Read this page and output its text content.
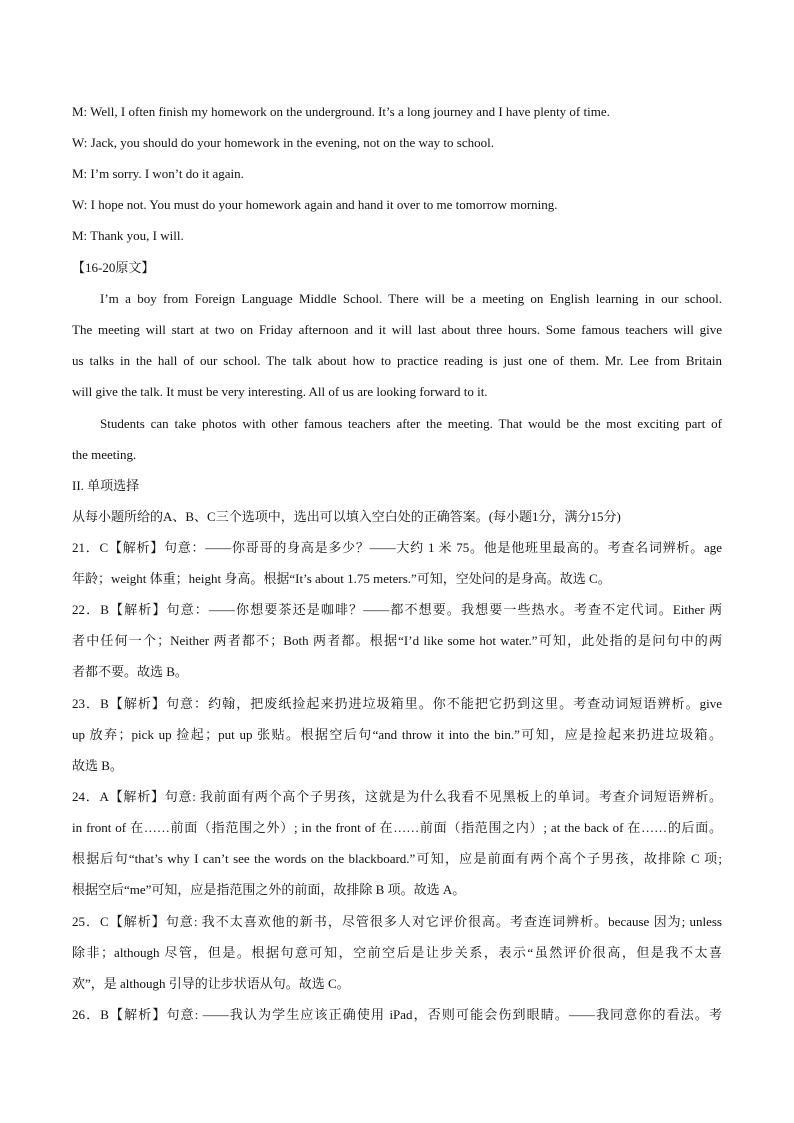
M: Well, I often finish my homework on the underground. It’s a long journey and I have plenty of time.
W: Jack, you should do your homework in the evening, not on the way to school.
M: I’m sorry. I won’t do it again.
W: I hope not. You must do your homework again and hand it over to me tomorrow morning.
M: Thank you, I will.
【16-20原文】
I’m a boy from Foreign Language Middle School. There will be a meeting on English learning in our school.
The meeting will start at two on Friday afternoon and it will last about three hours. Some famous teachers will give
us talks in the hall of our school. The talk about how to practice reading is just one of them. Mr. Lee from Britain
will give the talk. It must be very interesting. All of us are looking forward to it.
Students can take photos with other famous teachers after the meeting. That would be the most exciting part of
the meeting.
II. 单项选择
从每小题所给的A、B、C三个选项中，选出可以填入空白处的正确答案。(每小题1分，满分15分)
21．C【解析】句意：——你哥哥的身高是多少？——大约 1 米 75。他是他班里最高的。考查名词辨析。age
年龄；weight 体重；height 身高。根据“It’s about 1.75 meters.”可知，空处问的是身高。故选 C。
22．B【解析】句意：——你想要茶还是咖啡？——都不想要。我想要一些热水。考查不定代词。Either 两
者中任何一个；Neither 两者都不；Both 两者都。根据“I’d like some hot water.”可知，此处指的是问句中的两
者都不要。故选 B。
23．B【解析】句意：约翰，把废纸捡起来扔进垃圾箱里。你不能把它扔到这里。考查动词短语辨析。give
up 放弃；pick up 捡起；put up 张贴。根据空后句“and throw it into the bin.”可知，应是捡起来扔进垃圾箱。
故选 B。
24．A【解析】句意: 我前面有两个高个子男孩，这就是为什么我看不见黑板上的单词。考查介词短语辨析。
in front of 在……前面（指范围之外）; in the front of 在……前面（指范围之内）; at the back of 在……的后面。
根据后句“that’s why I can’t see the words on the blackboard.”可知，应是前面有两个高个子男孩，故排除 C 项;
根据空后“me”可知，应是指范围之外的前面，故排除 B 项。故选 A。
25．C【解析】句意: 我不太喜欢他的新书，尽管很多人对它评价很高。考查连词辨析。because 因为; unless
除非；although 尽管，但是。根据句意可知，空前空后是让步关系，表示“虽然评价很高，但是我不太喜
欢”，是 although 引导的让步状语从句。故选 C。
26．B【解析】句意: ——我认为学生应该正确使用 iPad，否则可能会伤到眼睛。——我同意你的看法。考
